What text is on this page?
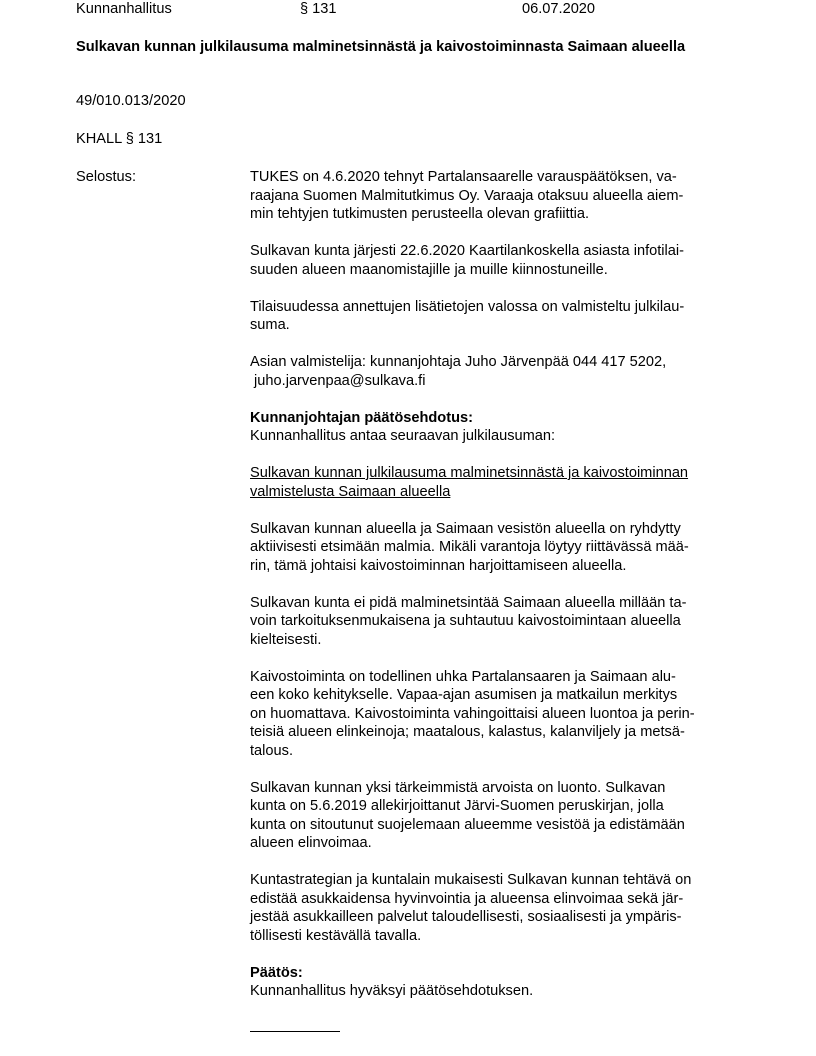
Kunnanhallitus	§ 131	06.07.2020
Sulkavan kunnan julkilausuma malminetsinnästä ja kaivostoiminnasta Saimaan alueella
49/010.013/2020
KHALL § 131
Selostus:	TUKES on 4.6.2020 tehnyt Partalansaarelle varauspäätöksen, va-
raajana Suomen Malmitutkimus Oy. Varaaja otaksuu alueella aiem-
min tehtyjen tutkimusten perusteella olevan grafiittia.
Sulkavan kunta järjesti 22.6.2020 Kaartilankoskella asiasta infotilai-
suuden alueen maanomistajille ja muille kiinnostuneille.
Tilaisuudessa annettujen lisätietojen valossa on valmisteltu julkilau-
suma.
Asian valmistelija: kunnanjohtaja Juho Järvenpää 044 417 5202,
juho.jarvenpaa@sulkava.fi
Kunnanjohtajan päätösehdotus:
Kunnanhallitus antaa seuraavan julkilausuman:
Sulkavan kunnan julkilausuma malminetsinnästä ja kaivostoiminnan
valmistelusta Saimaan alueella
Sulkavan kunnan alueella ja Saimaan vesistön alueella on ryhdytty
aktiivisesti etsimään malmia. Mikäli varantoja löytyy riittävässä mää-
rin, tämä johtaisi kaivostoiminnan harjoittamiseen alueella.
Sulkavan kunta ei pidä malminetsintää Saimaan alueella millään ta-
voin tarkoituksenmukaisena ja suhtautuu kaivostoimintaan alueella
kielteisesti.
Kaivostoiminta on todellinen uhka Partalansaaren ja Saimaan alu-
een koko kehitykselle. Vapaa-ajan asumisen ja matkailun merkitys
on huomattava. Kaivostoiminta vahingoittaisi alueen luontoa ja perin-
teisiä alueen elinkeinoja; maatalous, kalastus, kalanviljely ja metsä-
talous.
Sulkavan kunnan yksi tärkeimmistä arvoista on luonto. Sulkavan
kunta on 5.6.2019 allekirjoittanut Järvi-Suomen peruskirjan, jolla
kunta on sitoutunut suojelemaan alueemme vesistöä ja edistämään
alueen elinvoimaa.
Kuntastrategian ja kuntalain mukaisesti Sulkavan kunnan tehtävä on
edistää asukkaidensa hyvinvointia ja alueensa elinvoimaa sekä jär-
jestää asukkailleen palvelut taloudellisesti, sosiaalisesti ja ympäris-
töllisesti kestävällä tavalla.
Päätös:
Kunnanhallitus hyväksyi päätösehdotuksen.
